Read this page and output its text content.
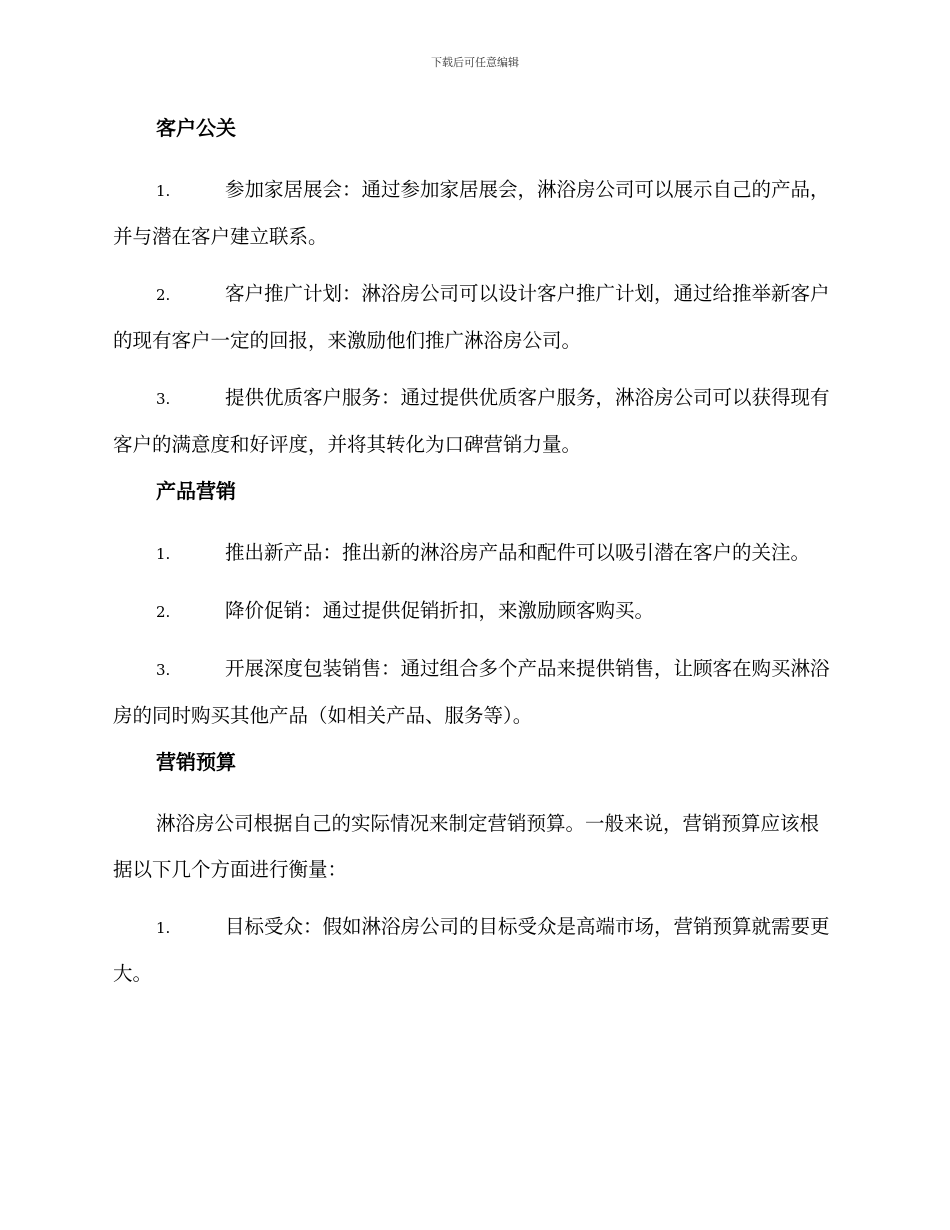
下载后可任意编辑
客户公关
1.	参加家居展会：通过参加家居展会，淋浴房公司可以展示自己的产品，并与潜在客户建立联系。
2.	客户推广计划：淋浴房公司可以设计客户推广计划，通过给推举新客户的现有客户一定的回报，来激励他们推广淋浴房公司。
3.	提供优质客户服务：通过提供优质客户服务，淋浴房公司可以获得现有客户的满意度和好评度，并将其转化为口碑营销力量。
产品营销
1.	推出新产品：推出新的淋浴房产品和配件可以吸引潜在客户的关注。
2.	降价促销：通过提供促销折扣，来激励顾客购买。
3.	开展深度包装销售：通过组合多个产品来提供销售，让顾客在购买淋浴房的同时购买其他产品（如相关产品、服务等）。
营销预算
淋浴房公司根据自己的实际情况来制定营销预算。一般来说，营销预算应该根据以下几个方面进行衡量：
1.	目标受众：假如淋浴房公司的目标受众是高端市场，营销预算就需要更大。
